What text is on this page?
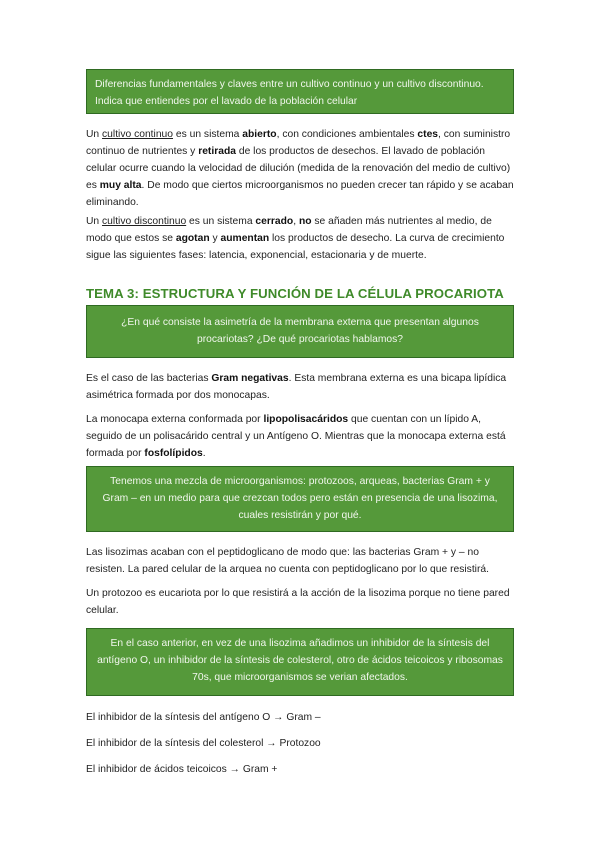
Diferencias fundamentales y claves entre un cultivo continuo y un cultivo discontinuo. Indica que entiendes por el lavado de la población celular
Un cultivo continuo es un sistema abierto, con condiciones ambientales ctes, con suministro continuo de nutrientes y retirada de los productos de desechos. El lavado de población celular ocurre cuando la velocidad de dilución (medida de la renovación del medio de cultivo) es muy alta. De modo que ciertos microorganismos no pueden crecer tan rápido y se acaban eliminando.
Un cultivo discontinuo es un sistema cerrado, no se añaden más nutrientes al medio, de modo que estos se agotan y aumentan los productos de desecho. La curva de crecimiento sigue las siguientes fases: latencia, exponencial, estacionaria y de muerte.
TEMA 3: ESTRUCTURA Y FUNCIÓN DE LA CÉLULA PROCARIOTA
¿En qué consiste la asimetría de la membrana externa que presentan algunos procariotas? ¿De qué procariotas hablamos?
Es el caso de las bacterias Gram negativas. Esta membrana externa es una bicapa lipídica asimétrica formada por dos monocapas.
La monocapa externa conformada por lipopolisacáridos que cuentan con un lípido A, seguido de un polisacárido central y un Antígeno O. Mientras que la monocapa externa está formada por fosfolípidos.
Tenemos una mezcla de microorganismos: protozoos, arqueas, bacterias Gram + y Gram – en un medio para que crezcan todos pero están en presencia de una lisozima, cuales resistirán y por qué.
Las lisozimas acaban con el peptidoglicano de modo que: las bacterias Gram + y – no resisten. La pared celular de la arquea no cuenta con peptidoglicano por lo que resistirá.
Un protozoo es eucariota por lo que resistirá a la acción de la lisozima porque no tiene pared celular.
En el caso anterior, en vez de una lisozima añadimos un inhibidor de la síntesis del antígeno O, un inhibidor de la síntesis de colesterol, otro de ácidos teicoicos y ribosomas 70s, que microorganismos se verian afectados.
El inhibidor de la síntesis del antígeno O → Gram –
El inhibidor de la síntesis del colesterol → Protozoo
El inhibidor de ácidos teicoicos → Gram +
